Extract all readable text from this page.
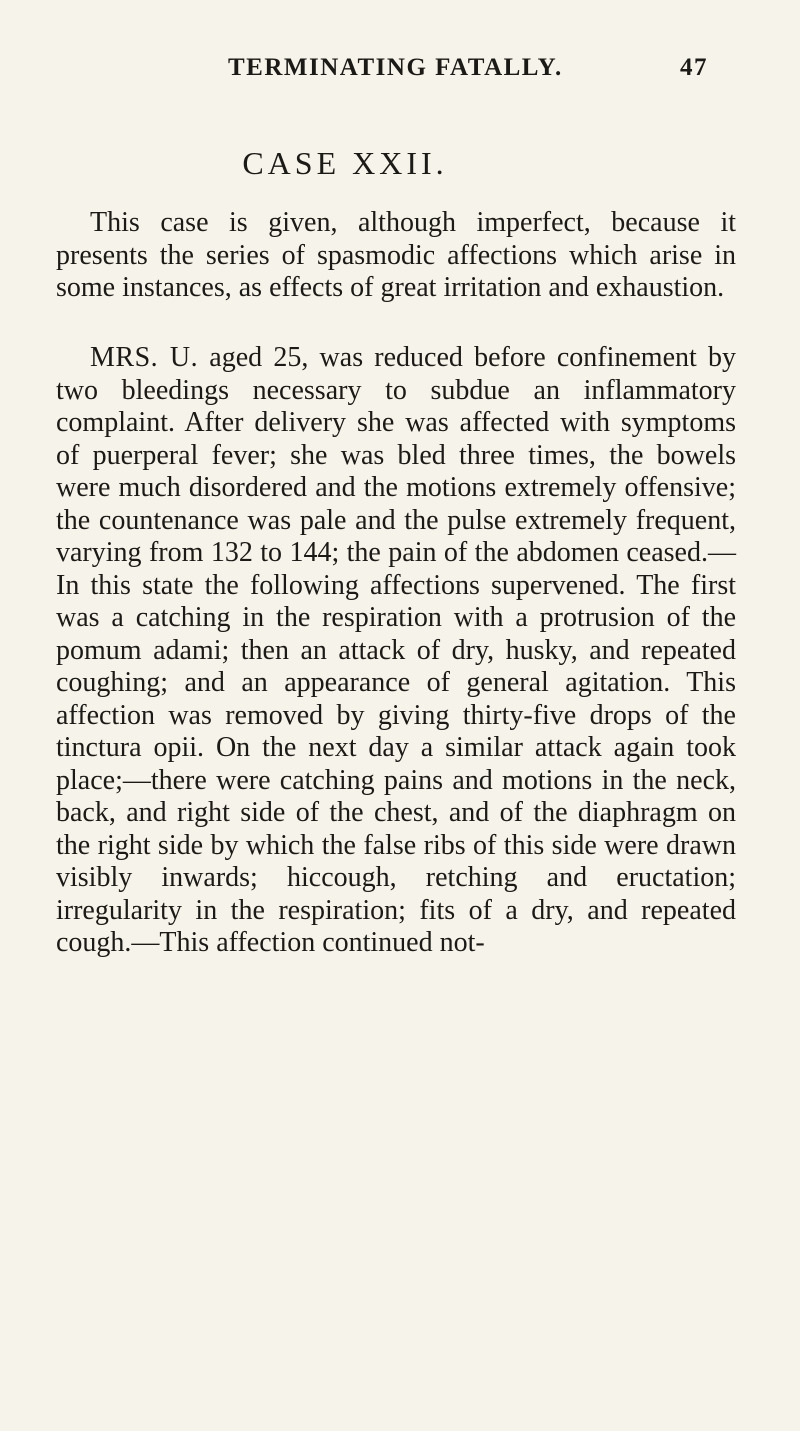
TERMINATING FATALLY.	47
CASE XXII.

This case is given, although imperfect, because it presents the series of spasmodic affections which arise in some instances, as effects of great irritation and exhaustion.

MRS. U. aged 25, was reduced before confinement by two bleedings necessary to subdue an inflammatory complaint. After delivery she was affected with symptoms of puerperal fever; she was bled three times, the bowels were much disordered and the motions extremely offensive; the countenance was pale and the pulse extremely frequent, varying from 132 to 144; the pain of the abdomen ceased.—In this state the following affections supervened. The first was a catching in the respiration with a protrusion of the pomum adami; then an attack of dry, husky, and repeated coughing; and an appearance of general agitation. This affection was removed by giving thirty-five drops of the tinctura opii. On the next day a similar attack again took place;—there were catching pains and motions in the neck, back, and right side of the chest, and of the diaphragm on the right side by which the false ribs of this side were drawn visibly inwards; hiccough, retching and eructation; irregularity in the respiration; fits of a dry, and repeated cough.—This affection continued not-
